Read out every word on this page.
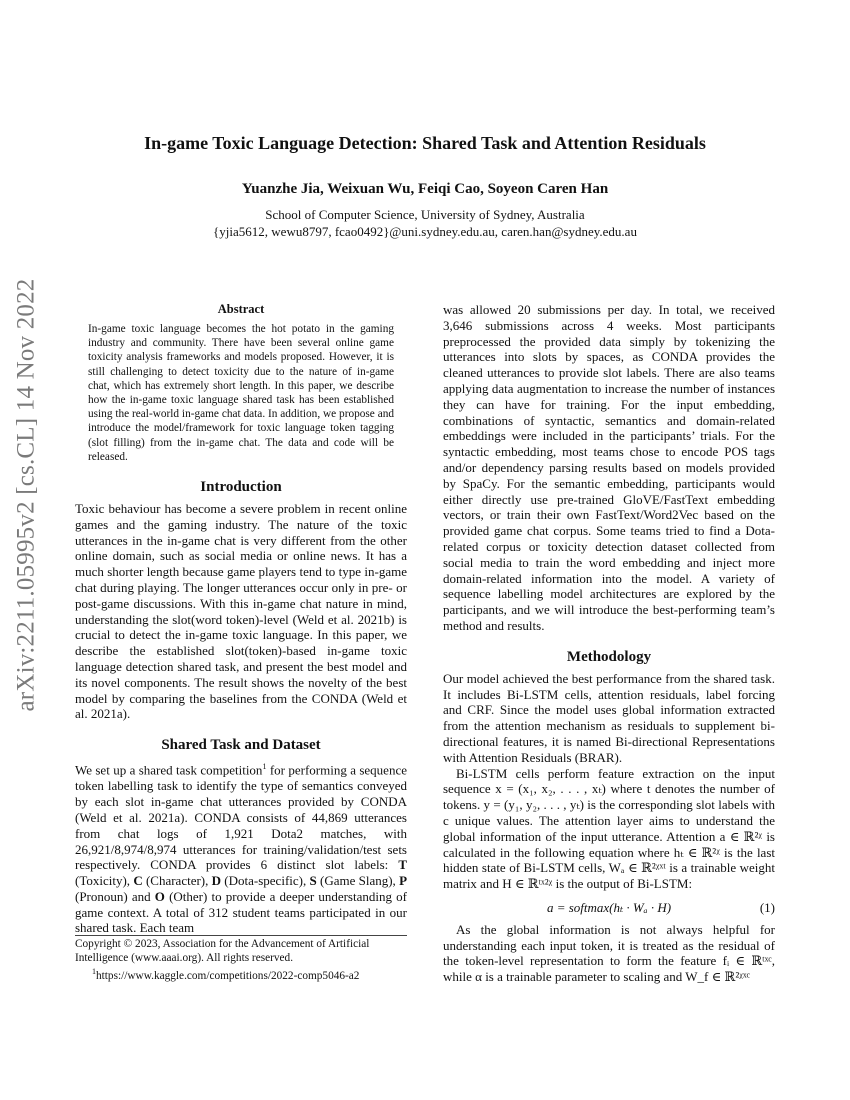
arXiv:2211.05995v2 [cs.CL] 14 Nov 2022
In-game Toxic Language Detection: Shared Task and Attention Residuals
Yuanzhe Jia, Weixuan Wu, Feiqi Cao, Soyeon Caren Han
School of Computer Science, University of Sydney, Australia
{yjia5612, wewu8797, fcao0492}@uni.sydney.edu.au, caren.han@sydney.edu.au
Abstract

In-game toxic language becomes the hot potato in the gaming industry and community. There have been several online game toxicity analysis frameworks and models proposed. However, it is still challenging to detect toxicity due to the nature of in-game chat, which has extremely short length. In this paper, we describe how the in-game toxic language shared task has been established using the real-world in-game chat data. In addition, we propose and introduce the model/framework for toxic language token tagging (slot filling) from the in-game chat. The data and code will be released.

Introduction

Toxic behaviour has become a severe problem in recent online games and the gaming industry. The nature of the toxic utterances in the in-game chat is very different from the other online domain, such as social media or online news. It has a much shorter length because game players tend to type in-game chat during playing. The longer utterances occur only in pre- or post-game discussions. With this in-game chat nature in mind, understanding the slot(word token)-level (Weld et al. 2021b) is crucial to detect the in-game toxic language. In this paper, we describe the established slot(token)-based in-game toxic language detection shared task, and present the best model and its novel components. The result shows the novelty of the best model by comparing the baselines from the CONDA (Weld et al. 2021a).

Shared Task and Dataset

We set up a shared task competition$^1$ for performing a sequence token labelling task to identify the type of semantics conveyed by each slot in-game chat utterances provided by CONDA (Weld et al. 2021a). CONDA consists of 44,869 utterances from chat logs of 1,921 Dota2 matches, with 26,921/8,974/8,974 utterances for training/validation/test sets respectively. CONDA provides 6 distinct slot labels: T (Toxicity), C (Character), D (Dota-specific), S (Game Slang), P (Pronoun) and O (Other) to provide a deeper understanding of game context. A total of 312 student teams participated in our shared task. Each team

Copyright © 2023, Association for the Advancement of Artificial Intelligence (www.aaai.org). All rights reserved.

$^1$https://www.kaggle.com/competitions/2022-comp5046-a2

was allowed 20 submissions per day. In total, we received 3,646 submissions across 4 weeks. Most participants preprocessed the provided data simply by tokenizing the utterances into slots by spaces, as CONDA provides the cleaned utterances to provide slot labels. There are also teams applying data augmentation to increase the number of instances they can have for training. For the input embedding, combinations of syntactic, semantics and domain-related embeddings were included in the participants’ trials. For the syntactic embedding, most teams chose to encode POS tags and/or dependency parsing results based on models provided by SpaCy. For the semantic embedding, participants would either directly use pre-trained GloVE/FastText embedding vectors, or train their own FastText/Word2Vec based on the provided game chat corpus. Some teams tried to find a Dota-related corpus or toxicity detection dataset collected from social media to train the word embedding and inject more domain-related information into the model. A variety of sequence labelling model architectures are explored by the participants, and we will introduce the best-performing team’s method and results.

Methodology

Our model achieved the best performance from the shared task. It includes Bi-LSTM cells, attention residuals, label forcing and CRF. Since the model uses global information extracted from the attention mechanism as residuals to supplement bi-directional features, it is named Bi-directional Representations with Attention Residuals (BRAR).

Bi-LSTM cells perform feature extraction on the input sequence x = (x₁, x₂, . . . , xₜ) where t denotes the number of tokens. y = (y₁, y₂, . . . , yₜ) is the corresponding slot labels with c unique values. The attention layer aims to understand the global information of the input utterance. Attention a ∈ ℝ²ᵡ is calculated in the following equation where hₜ ∈ ℝ²ᵡ is the last hidden state of Bi-LSTM cells, Wₐ ∈ ℝ²ᵡˣᵗ is a trainable weight matrix and H ∈ ℝᵗˣ²ᵡ is the output of Bi-LSTM:

a = softmax(hₜ · Wₐ · H)	(1)

As the global information is not always helpful for understanding each input token, it is treated as the residual of the token-level representation to form the feature fᵢ ∈ ℝᵗˣᶜ, while α is a trainable parameter to scaling and W_f ∈ ℝ²ᵡˣᶜ
